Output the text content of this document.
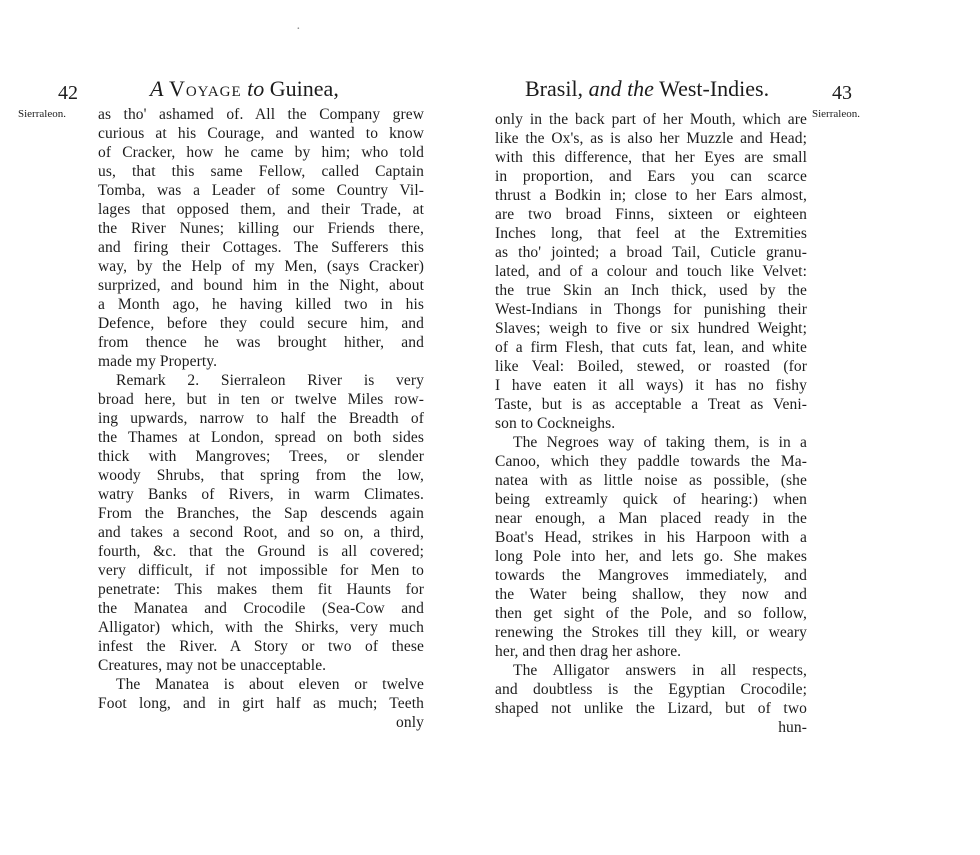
·
42	A Voyage to Guinea,
Sierraleon. as tho' ashamed of. All the Company grew
curious at his Courage, and wanted to know
of Cracker, how he came by him; who told
us, that this same Fellow, called Captain
Tomba, was a Leader of some Country Vil-
lages that opposed them, and their Trade, at
the River Nunes; killing our Friends there,
and firing their Cottages. The Sufferers this
way, by the Help of my Men, (says Cracker)
surprized, and bound him in the Night, about
a Month ago, he having killed two in his
Defence, before they could secure him, and
from thence he was brought hither, and
made my Property.
Remark 2. Sierraleon River is very
broad here, but in ten or twelve Miles row-
ing upwards, narrow to half the Breadth of
the Thames at London, spread on both sides
thick with Mangroves; Trees, or slender
woody Shrubs, that spring from the low,
watry Banks of Rivers, in warm Climates.
From the Branches, the Sap descends again
and takes a second Root, and so on, a third,
fourth, &c. that the Ground is all covered;
very difficult, if not impossible for Men to
penetrate: This makes them fit Haunts for
the Manatea and Crocodile (Sea-Cow and
Alligator) which, with the Shirks, very much
infest the River. A Story or two of these
Creatures, may not be unacceptable.
The Manatea is about eleven or twelve
Foot long, and in girt half as much; Teeth
only
Brasil, and the West-Indies.	43
Sierraleon.
only in the back part of her Mouth, which are
like the Ox's, as is also her Muzzle and Head;
with this difference, that her Eyes are small
in proportion, and Ears you can scarce
thrust a Bodkin in; close to her Ears almost,
are two broad Finns, sixteen or eighteen
Inches long, that feel at the Extremities
as tho' jointed; a broad Tail, Cuticle granu-
lated, and of a colour and touch like Velvet:
the true Skin an Inch thick, used by the
West-Indians in Thongs for punishing their
Slaves; weigh to five or six hundred Weight;
of a firm Flesh, that cuts fat, lean, and white
like Veal: Boiled, stewed, or roasted (for
I have eaten it all ways) it has no fishy
Taste, but is as acceptable a Treat as Veni-
son to Cockneighs.
The Negroes way of taking them, is in a
Canoo, which they paddle towards the Ma-
natea with as little noise as possible, (she
being extreamly quick of hearing:) when
near enough, a Man placed ready in the
Boat's Head, strikes in his Harpoon with a
long Pole into her, and lets go. She makes
towards the Mangroves immediately, and
the Water being shallow, they now and
then get sight of the Pole, and so follow,
renewing the Strokes till they kill, or weary
her, and then drag her ashore.
The Alligator answers in all respects,
and doubtless is the Egyptian Crocodile;
shaped not unlike the Lizard, but of two
hun-
